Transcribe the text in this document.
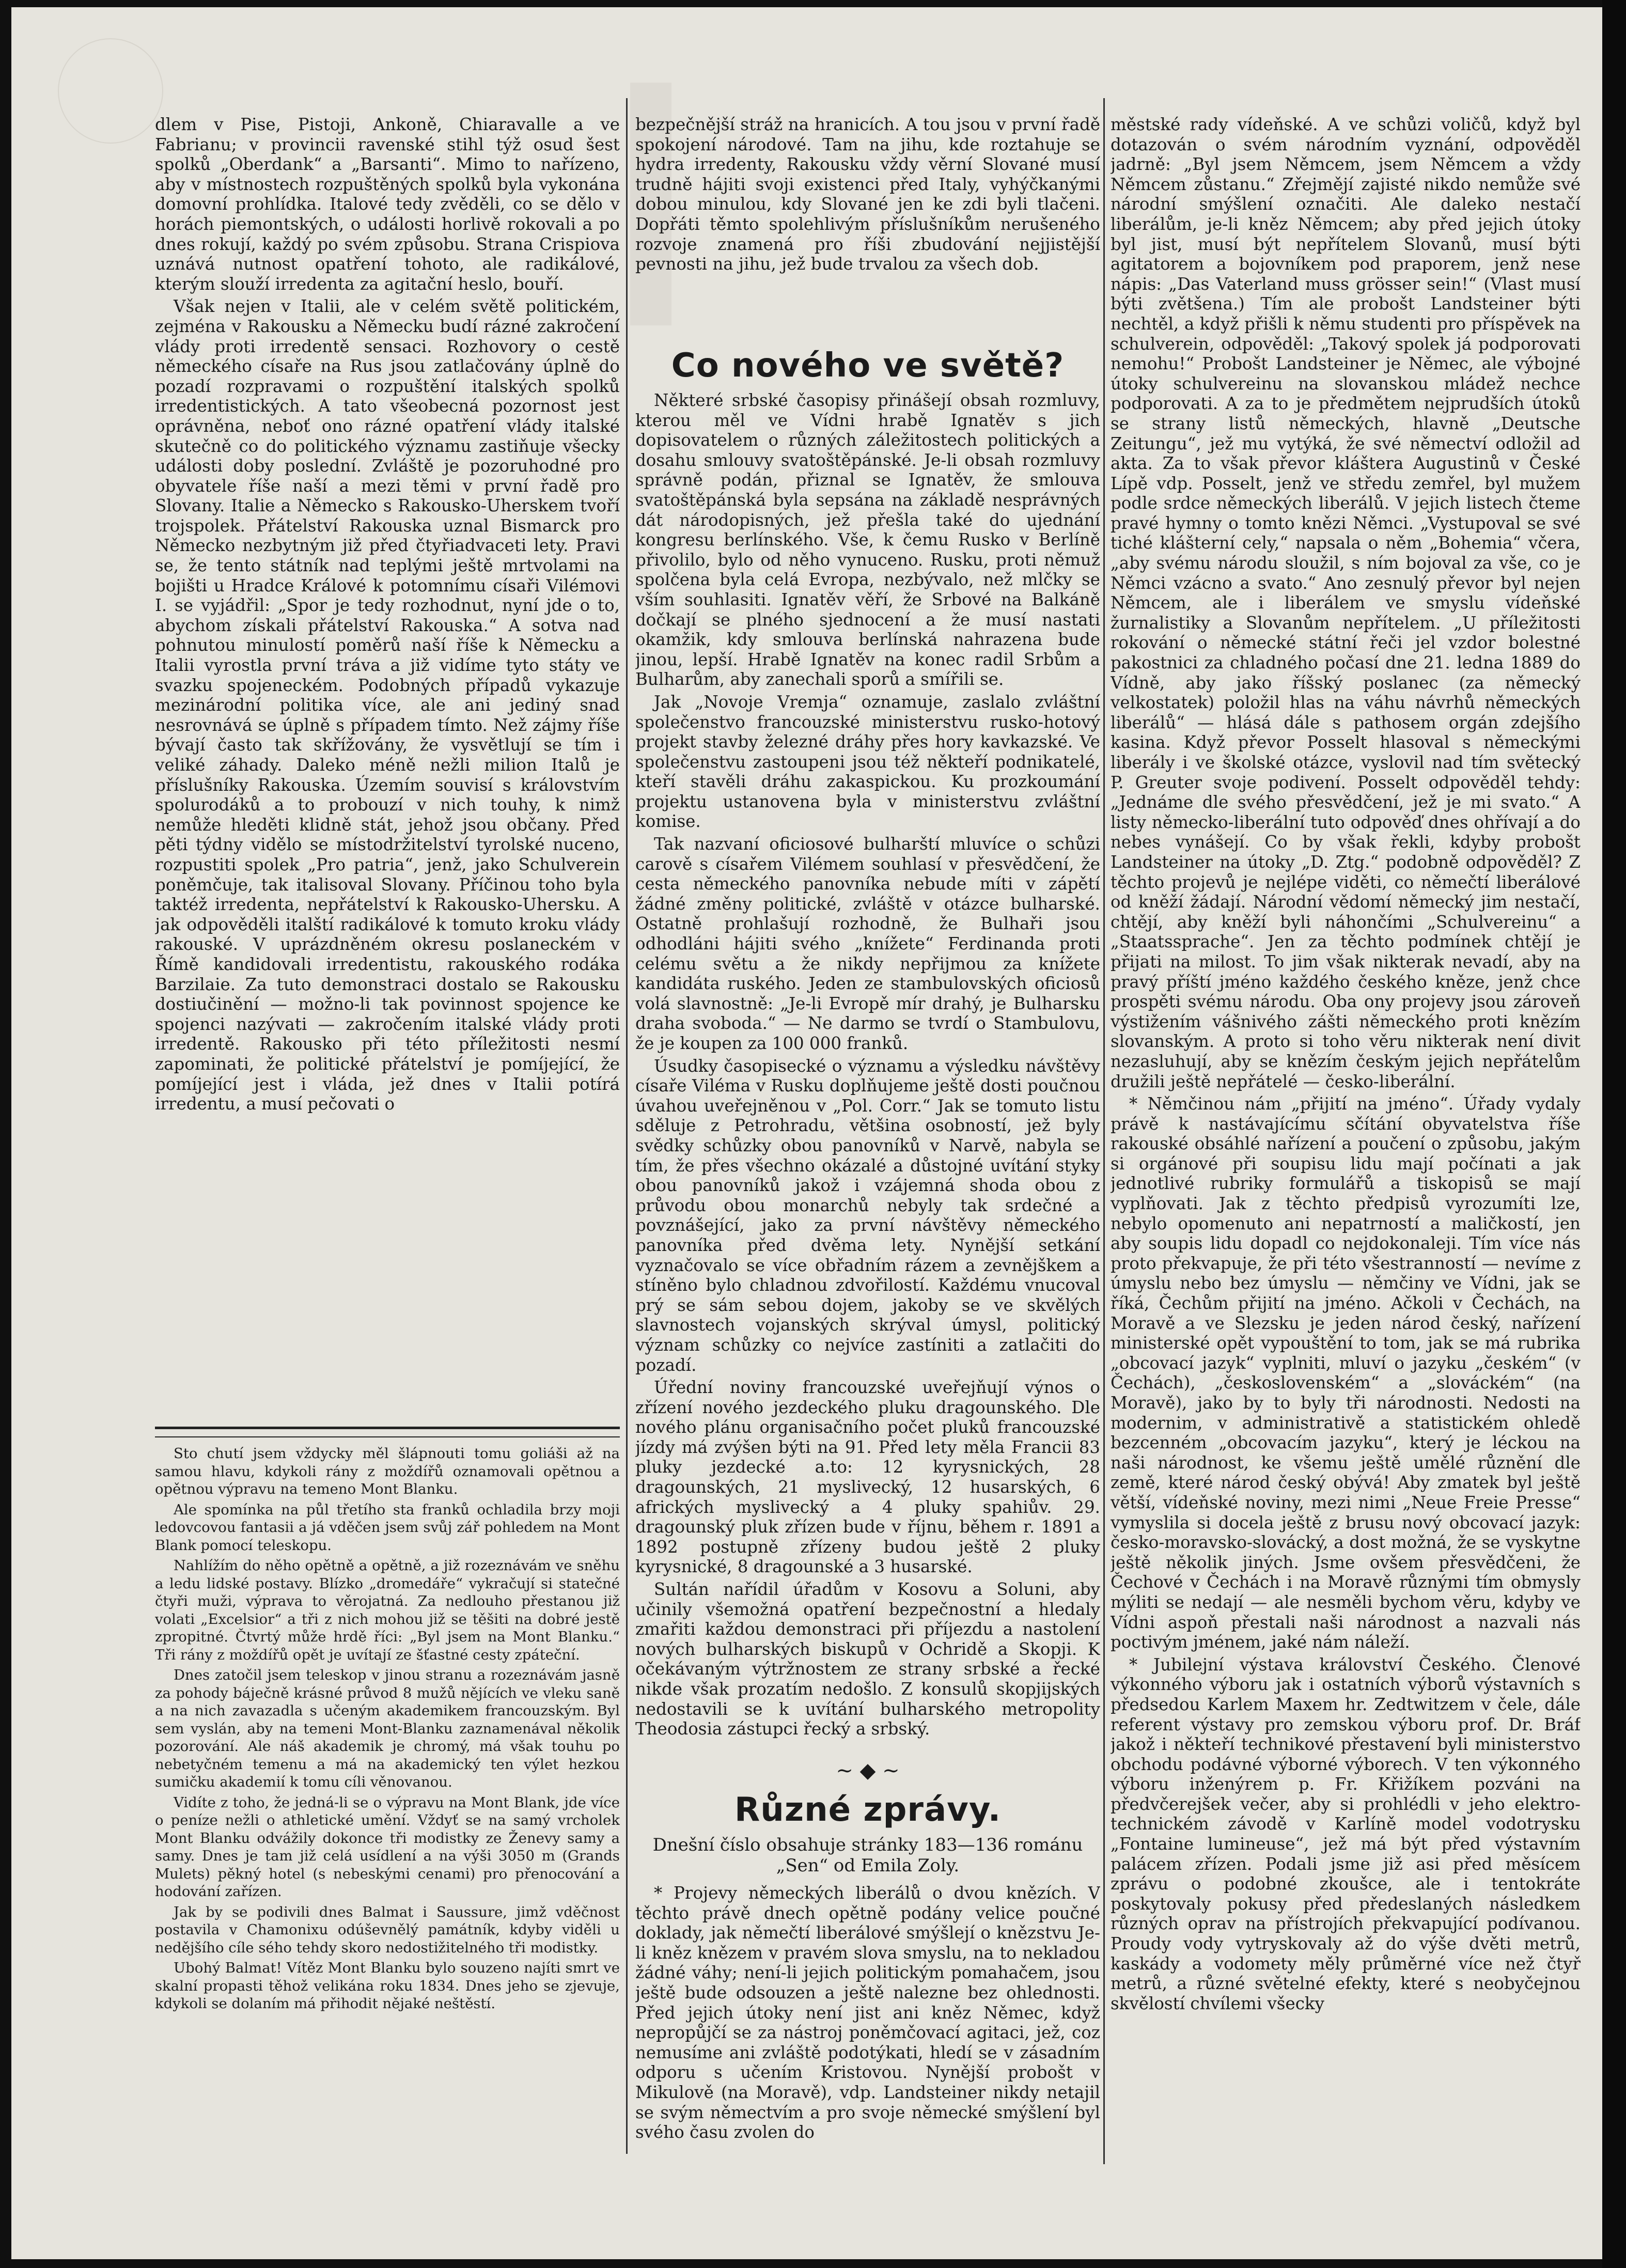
dlem v Pise, Pistoji, Ankoně, Chiaravalle a ve Fabrianu; v provincii ravenské stihl týž osud šest spolků „Oberdank“ a „Barsanti“. Mimo to nařízeno, aby v místnostech rozpuštěných spolků byla vykonána domovní prohlídka. Italové tedy zvěděli, co se dělo v horách piemontských, o události horlivě rokovali a po dnes rokují, každý po svém způsobu. Strana Crispiova uznává nutnost opatření tohoto, ale radikálové, kterým slouží irredenta za agitační heslo, bouří.

Však nejen v Italii, ale v celém světě politickém, zejména v Rakousku a Německu budí rázné zakročení vlády proti irredentě sensaci. Rozhovory o cestě německého císaře na Rus jsou zatlačovány úplně do pozadí rozpravami o rozpuštění italských spolků irredentistických. A tato všeobecná pozornost jest oprávněna, neboť ono rázné opatření vlády italské skutečně co do politického významu zastiňuje všecky události doby poslední. Zvláště je pozoruhodné pro obyvatele říše naší a mezi těmi v první řadě pro Slovany. Italie a Německo s Rakousko-Uherskem tvoří trojspolek. Přátelství Rakouska uznal Bismarck pro Německo nezbytným již před čtyřiadvaceti lety. Pravi se, že tento státník nad teplými ještě mrtvolami na bojišti u Hradce Králové k potomnímu císaři Vilémovi I. se vyjádřil: „Spor je tedy rozhodnut, nyní jde o to, abychom získali přátelství Rakouska.“ A sotva nad pohnutou minulostí poměrů naší říše k Německu a Italii vyrostla první tráva a již vidíme tyto státy ve svazku spojeneckém. Podobných případů vykazuje mezinárodní politika více, ale ani jediný snad nesrovnává se úplně s případem tímto. Než zájmy říše bývají často tak skřížovány, že vysvětlují se tím i veliké záhady. Daleko méně nežli milion Italů je příslušníky Rakouska. Územím souvisí s královstvím spolurodáků a to probouzí v nich touhy, k nimž nemůže hleděti klidně stát, jehož jsou občany. Před pěti týdny vidělo se místodržitelství tyrolské nuceno, rozpustiti spolek „Pro patria“, jenž, jako Schulverein poněmčuje, tak italisoval Slovany. Příčinou toho byla taktéž irredenta, nepřátelství k Rakousko-Uhersku. A jak odpověděli italští radikálové k tomuto kroku vlády rakouské. V uprázdněném okresu poslaneckém v Římě kandidovali irredentistu, rakouského rodáka Barzilaie. Za tuto demonstraci dostalo se Rakousku dostiučinění — možno-li tak povinnost spojence ke spojenci nazývati — zakročením italské vlády proti irredentě. Rakousko při této příležitosti nesmí zapominati, že politické přátelství je pomíjející, že pomíjející jest i vláda, jež dnes v Italii potírá irredentu, a musí pečovati o

Sto chutí jsem vždycky měl šlápnouti tomu goliáši až na samou hlavu, kdykoli rány z moždířů oznamovali opětnou a opětnou výpravu na temeno Mont Blanku.

Ale spomínka na půl třetího sta franků ochladila brzy moji ledovcovou fantasii a já vděčen jsem svůj zář pohledem na Mont Blank pomocí teleskopu.

Nahlížím do něho opětně a opětně, a již rozeznávám ve sněhu a ledu lidské postavy. Blízko „dromedáře“ vykračují si statečné čtyři muži, výprava to věrojatná. Za nedlouho přestanou již volati „Excelsior“ a tři z nich mohou již se těšiti na dobré jestě zpropitné. Čtvrtý může hrdě říci: „Byl jsem na Mont Blanku.“ Tři rány z moždířů opět je uvítají ze šťastné cesty zpáteční.

Dnes zatočil jsem teleskop v jinou stranu a rozeznávám jasně za pohody báječně krásné průvod 8 mužů nějících ve vleku saně a na nich zavazadla s učeným akademikem francouzským. Byl sem vyslán, aby na temeni Mont-Blanku zaznamenával několik pozorování. Ale náš akademik je chromý, má však touhu po nebetyčném temenu a má na akademický ten výlet hezkou sumičku akademií k tomu cíli věnovanou.

Vidíte z toho, že jedná-li se o výpravu na Mont Blank, jde více o peníze nežli o athletické umění. Vždyť se na samý vrcholek Mont Blanku odvážily dokonce tři modistky ze Ženevy samy a samy. Dnes je tam již celá usídlení a na výši 3050 m (Grands Mulets) pěkný hotel (s nebeskými cenami) pro přenocování a hodování zařízen.

Jak by se podivili dnes Balmat i Saussure, jimž vděčnost postavila v Chamonixu odúševnělý památník, kdyby viděli u nedějšího cíle sého tehdy skoro nedostižitelného tři modistky.

Ubohý Balmat! Vítěz Mont Blanku bylo souzeno najíti smrt ve skalní propasti těhož velikána roku 1834. Dnes jeho se zjevuje, kdykoli se dolaním má přihodit nějaké neštěstí.

bezpečnější stráž na hranicích. A tou jsou v první řadě spokojení národové. Tam na jihu, kde roztahuje se hydra irredenty, Rakousku vždy věrní Slované musí trudně hájiti svoji existenci před Italy, vyhýčkanými dobou minulou, kdy Slované jen ke zdi byli tlačeni. Dopřáti těmto spolehlivým příslušníkům nerušeného rozvoje znamená pro říši zbudování nejjistější pevnosti na jihu, jež bude trvalou za všech dob.

Co nového ve světě?

Některé srbské časopisy přinášejí obsah rozmluvy, kterou měl ve Vídni hrabě Ignatěv s jich dopisovatelem o různých záležitostech politických a dosahu smlouvy svatoštěpánské. Je-li obsah rozmluvy správně podán, přiznal se Ignatěv, že smlouva svatoštěpánská byla sepsána na základě nesprávných dát národopisných, jež přešla také do ujednání kongresu berlínského. Vše, k čemu Rusko v Berlíně přivolilo, bylo od něho vynuceno. Rusku, proti němuž spolčena byla celá Evropa, nezbývalo, než mlčky se vším souhlasiti. Ignatěv věří, že Srbové na Balkáně dočkají se plného sjednocení a že musí nastati okamžik, kdy smlouva berlínská nahrazena bude jinou, lepší. Hrabě Ignatěv na konec radil Srbům a Bulharům, aby zanechali sporů a smířili se.

Jak „Novoje Vremja“ oznamuje, zaslalo zvláštní společenstvo francouzské ministerstvu rusko-hotový projekt stavby železné dráhy přes hory kavkazské. Ve společenstvu zastoupeni jsou též někteří podnikatelé, kteří stavěli dráhu zakaspickou. Ku prozkoumání projektu ustanovena byla v ministerstvu zvláštní komise.

Tak nazvaní oficiosové bulharští mluvíce o schůzi carově s císařem Vilémem souhlasí v přesvědčení, že cesta německého panovníka nebude míti v zápětí žádné změny politické, zvláště v otázce bulharské. Ostatně prohlašují rozhodně, že Bulhaři jsou odhodláni hájiti svého „knížete“ Ferdinanda proti celému světu a že nikdy nepřijmou za knížete kandidáta ruského. Jeden ze stambulovských oficiosů volá slavnostně: „Je-li Evropě mír drahý, je Bulharsku draha svoboda.“ — Ne darmo se tvrdí o Stambulovu, že je koupen za 100 000 franků.

Úsudky časopisecké o významu a výsledku návštěvy císaře Viléma v Rusku doplňujeme ještě dosti poučnou úvahou uveřejněnou v „Pol. Corr.“ Jak se tomuto listu sděluje z Petrohradu, většina osobností, jež byly svědky schůzky obou panovníků v Narvě, nabyla se tím, že přes všechno okázalé a důstojné uvítání styky obou panovníků jakož i vzájemná shoda obou z průvodu obou monarchů nebyly tak srdečné a povznášející, jako za první návštěvy německého panovníka před dvěma lety. Nynější setkání vyznačovalo se více obřadním rázem a zevnějškem a stíněno bylo chladnou zdvořilostí. Každému vnucoval prý se sám sebou dojem, jakoby se ve skvělých slavnostech vojanských skrýval úmysl, politický význam schůzky co nejvíce zastíniti a zatlačiti do pozadí.

Úřední noviny francouzské uveřejňují výnos o zřízení nového jezdeckého pluku dragounského. Dle nového plánu organisačního počet pluků francouzské jízdy má zvýšen býti na 91. Před lety měla Francii 83 pluky jezdecké a.to: 12 kyrysnických, 28 dragounských, 21 myslivecký, 12 husarských, 6 afrických myslivecký a 4 pluky spahiův. 29. dragounský pluk zřízen bude v říjnu, během r. 1891 a 1892 postupně zřízeny budou ještě 2 pluky kyrysnické, 8 dragounské a 3 husarské.

Sultán nařídil úřadům v Kosovu a Soluni, aby učinily všemožná opatření bezpečnostní a hledaly zmařiti každou demonstraci při příjezdu a nastolení nových bulharských biskupů v Ochridě a Skopji. K očekávaným výtržnostem ze strany srbské a řecké nikde však prozatím nedošlo. Z konsulů skopjijských nedostavili se k uvítání bulharského metropolity Theodosia zástupci řecký a srbský.

~ ◆ ~
Různé zprávy.
Dnešní číslo obsahuje stránky 183—136 románu „Sen“ od Emila Zoly.

* Projevy německých liberálů o dvou knězích. V těchto právě dnech opětně podány velice poučné doklady, jak němečtí liberálové smýšlejí o knězstvu Je-li kněz knězem v pravém slova smyslu, na to nekladou žádné váhy; není-li jejich politickým pomahačem, jsou ještě bude odsouzen a ještě nalezne bez ohlednosti. Před jejich útoky není jist ani kněz Němec, když nepropůjčí se za nástroj poněmčovací agitaci, jež, coz nemusíme ani zvláště podotýkati, hledí se v zásadním odporu s učením Kristovou. Nynější probošt v Mikulově (na Moravě), vdp. Landsteiner nikdy netajil se svým němectvím a pro svoje německé smýšlení byl svého času zvolen do

městské rady vídeňské. A ve schůzi voličů, když byl dotazován o svém národním vyznání, odpověděl jadrně: „Byl jsem Němcem, jsem Němcem a vždy Němcem zůstanu.“ Zřejmějí zajisté nikdo nemůže své národní smýšlení označiti. Ale daleko nestačí liberálům, je-li kněz Němcem; aby před jejich útoky byl jist, musí být nepřítelem Slovanů, musí býti agitatorem a bojovníkem pod praporem, jenž nese nápis: „Das Vaterland muss grösser sein!“ (Vlast musí býti zvětšena.) Tím ale probošt Landsteiner býti nechtěl, a když přišli k němu studenti pro příspěvek na schulverein, odpověděl: „Takový spolek já podporovati nemohu!“ Probošt Landsteiner je Němec, ale výbojné útoky schulvereinu na slovanskou mládež nechce podporovati. A za to je předmětem nejprudších útoků se strany listů německých, hlavně „Deutsche Zeitungu“, jež mu vytýká, že své němectví odložil ad akta. Za to však převor kláštera Augustinů v České Lípě vdp. Posselt, jenž ve středu zemřel, byl mužem podle srdce německých liberálů. V jejich listech čteme pravé hymny o tomto knězi Němci. „Vystupoval se své tiché klášterní cely,“ napsala o něm „Bohemia“ včera, „aby svému národu sloužil, s ním bojoval za vše, co je Němci vzácno a svato.“ Ano zesnulý převor byl nejen Němcem, ale i liberálem ve smyslu vídeňské žurnalistiky a Slovanům nepřítelem. „U příležitosti rokování o německé státní řeči jel vzdor bolestné pakostnici za chladného počasí dne 21. ledna 1889 do Vídně, aby jako říšský poslanec (za německý velkostatek) položil hlas na váhu návrhů německých liberálů“ — hlásá dále s pathosem orgán zdejšího kasina. Když převor Posselt hlasoval s německými liberály i ve školské otázce, vyslovil nad tím světecký P. Greuter svoje podivení. Posselt odpověděl tehdy: „Jednáme dle svého přesvědčení, jež je mi svato.“ A listy německo-liberální tuto odpověď dnes ohřívají a do nebes vynášejí. Co by však řekli, kdyby probošt Landsteiner na útoky „D. Ztg.“ podobně odpověděl? Z těchto projevů je nejlépe viděti, co němečtí liberálové od kněží žádají. Národní vědomí německý jim nestačí, chtějí, aby kněží byli náhončími „Schulvereinu“ a „Staatssprache“. Jen za těchto podmínek chtějí je přijati na milost. To jim však nikterak nevadí, aby na pravý příští jméno každého českého kněze, jenž chce prospěti svému národu. Oba ony projevy jsou zároveň výstižením vášnivého zášti německého proti knězím slovanským. A proto si toho věru nikterak není divit nezasluhují, aby se knězím českým jejich nepřátelům družili ještě nepřátelé — česko-liberální.

* Němčinou nám „přijití na jméno“. Úřady vydaly právě k nastávajícímu sčítání obyvatelstva říše rakouské obsáhlé nařízení a poučení o způsobu, jakým si orgánové při soupisu lidu mají počínati a jak jednotlivé rubriky formulářů a tiskopisů se mají vyplňovati. Jak z těchto předpisů vyrozumíti lze, nebylo opomenuto ani nepatrností a maličkostí, jen aby soupis lidu dopadl co nejdokonaleji. Tím více nás proto překvapuje, že při této všestranností — nevíme z úmyslu nebo bez úmyslu — němčiny ve Vídni, jak se říká, Čechům přijití na jméno. Ačkoli v Čechách, na Moravě a ve Slezsku je jeden národ český, nařízení ministerské opět vypouštění to tom, jak se má rubrika „obcovací jazyk“ vyplniti, mluví o jazyku „českém“ (v Čechách), „československém“ a „slováckém“ (na Moravě), jako by to byly tři národnosti. Nedosti na modernim, v administrativě a statistickém ohledě bezcenném „obcovacím jazyku“, který je léckou na naši národnost, ke všemu ještě umělé různění dle země, které národ český obývá! Aby zmatek byl ještě větší, vídeňské noviny, mezi nimi „Neue Freie Presse“ vymyslila si docela ještě z brusu nový obcovací jazyk: česko-moravsko-slovácký, a dost možná, že se vyskytne ještě několik jiných. Jsme ovšem přesvědčeni, že Čechové v Čechách i na Moravě různými tím obmysly mýliti se nedají — ale nesměli bychom věru, kdyby ve Vídni aspoň přestali naši národnost a nazvali nás poctivým jménem, jaké nám náleží.

* Jubilejní výstava království Českého. Členové výkonného výboru jak i ostatních výborů výstavních s předsedou Karlem Maxem hr. Zedtwitzem v čele, dále referent výstavy pro zemskou výboru prof. Dr. Bráf jakož i někteří technikové přestavení byli ministerstvo obchodu podávné výborné výborech. V ten výkonného výboru inženýrem p. Fr. Křižíkem pozváni na předvčerejšek večer, aby si prohlédli v jeho elektro-technickém závodě v Karlíně model vodotrysku „Fontaine lumineuse“, jež má být před výstavním palácem zřízen. Podali jsme již asi před měsícem zprávu o podobné zkoušce, ale i tentokráte poskytovaly pokusy před předeslaných následkem různých oprav na přístrojích překvapující podívanou. Proudy vody vytryskovaly až do výše dvěti metrů, kaskády a vodomety měly průměrné více než čtyř metrů, a různé světelné efekty, které s neobyčejnou skvělostí chvílemi všecky
